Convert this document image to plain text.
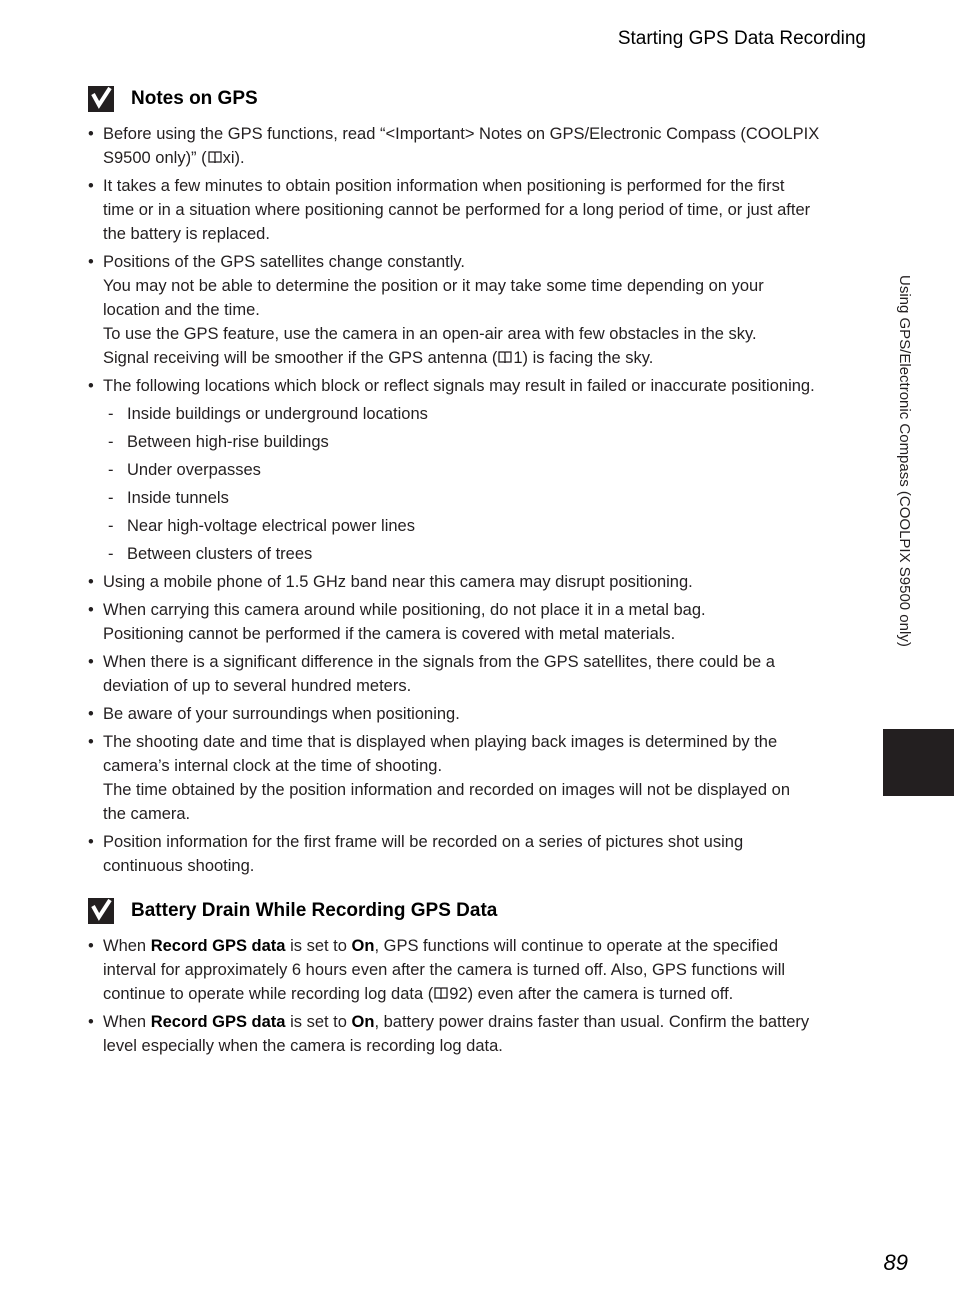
Starting GPS Data Recording
Notes on GPS
• Before using the GPS functions, read “<Important> Notes on GPS/Electronic Compass (COOLPIX
S9500 only)” ( xi).
• It takes a few minutes to obtain position information when positioning is performed for the first
time or in a situation where positioning cannot be performed for a long period of time, or just after
the battery is replaced.
• Positions of the GPS satellites change constantly.
You may not be able to determine the position or it may take some time depending on your
location and the time.
To use the GPS feature, use the camera in an open-air area with few obstacles in the sky.
Signal receiving will be smoother if the GPS antenna ( 1) is facing the sky.
• The following locations which block or reflect signals may result in failed or inaccurate positioning.
- Inside buildings or underground locations
- Between high-rise buildings
- Under overpasses
- Inside tunnels
- Near high-voltage electrical power lines
- Between clusters of trees
• Using a mobile phone of 1.5 GHz band near this camera may disrupt positioning.
• When carrying this camera around while positioning, do not place it in a metal bag.
Positioning cannot be performed if the camera is covered with metal materials.
• When there is a significant difference in the signals from the GPS satellites, there could be a
deviation of up to several hundred meters.
• Be aware of your surroundings when positioning.
• The shooting date and time that is displayed when playing back images is determined by the
camera’s internal clock at the time of shooting.
The time obtained by the position information and recorded on images will not be displayed on
the camera.
• Position information for the first frame will be recorded on a series of pictures shot using
continuous shooting.
Battery Drain While Recording GPS Data
• When Record GPS data is set to On, GPS functions will continue to operate at the specified
interval for approximately 6 hours even after the camera is turned off. Also, GPS functions will
continue to operate while recording log data ( 92) even after the camera is turned off.
• When Record GPS data is set to On, battery power drains faster than usual. Confirm the battery
level especially when the camera is recording log data.
Using GPS/Electronic Compass (COOLPIX S9500 only)
89
